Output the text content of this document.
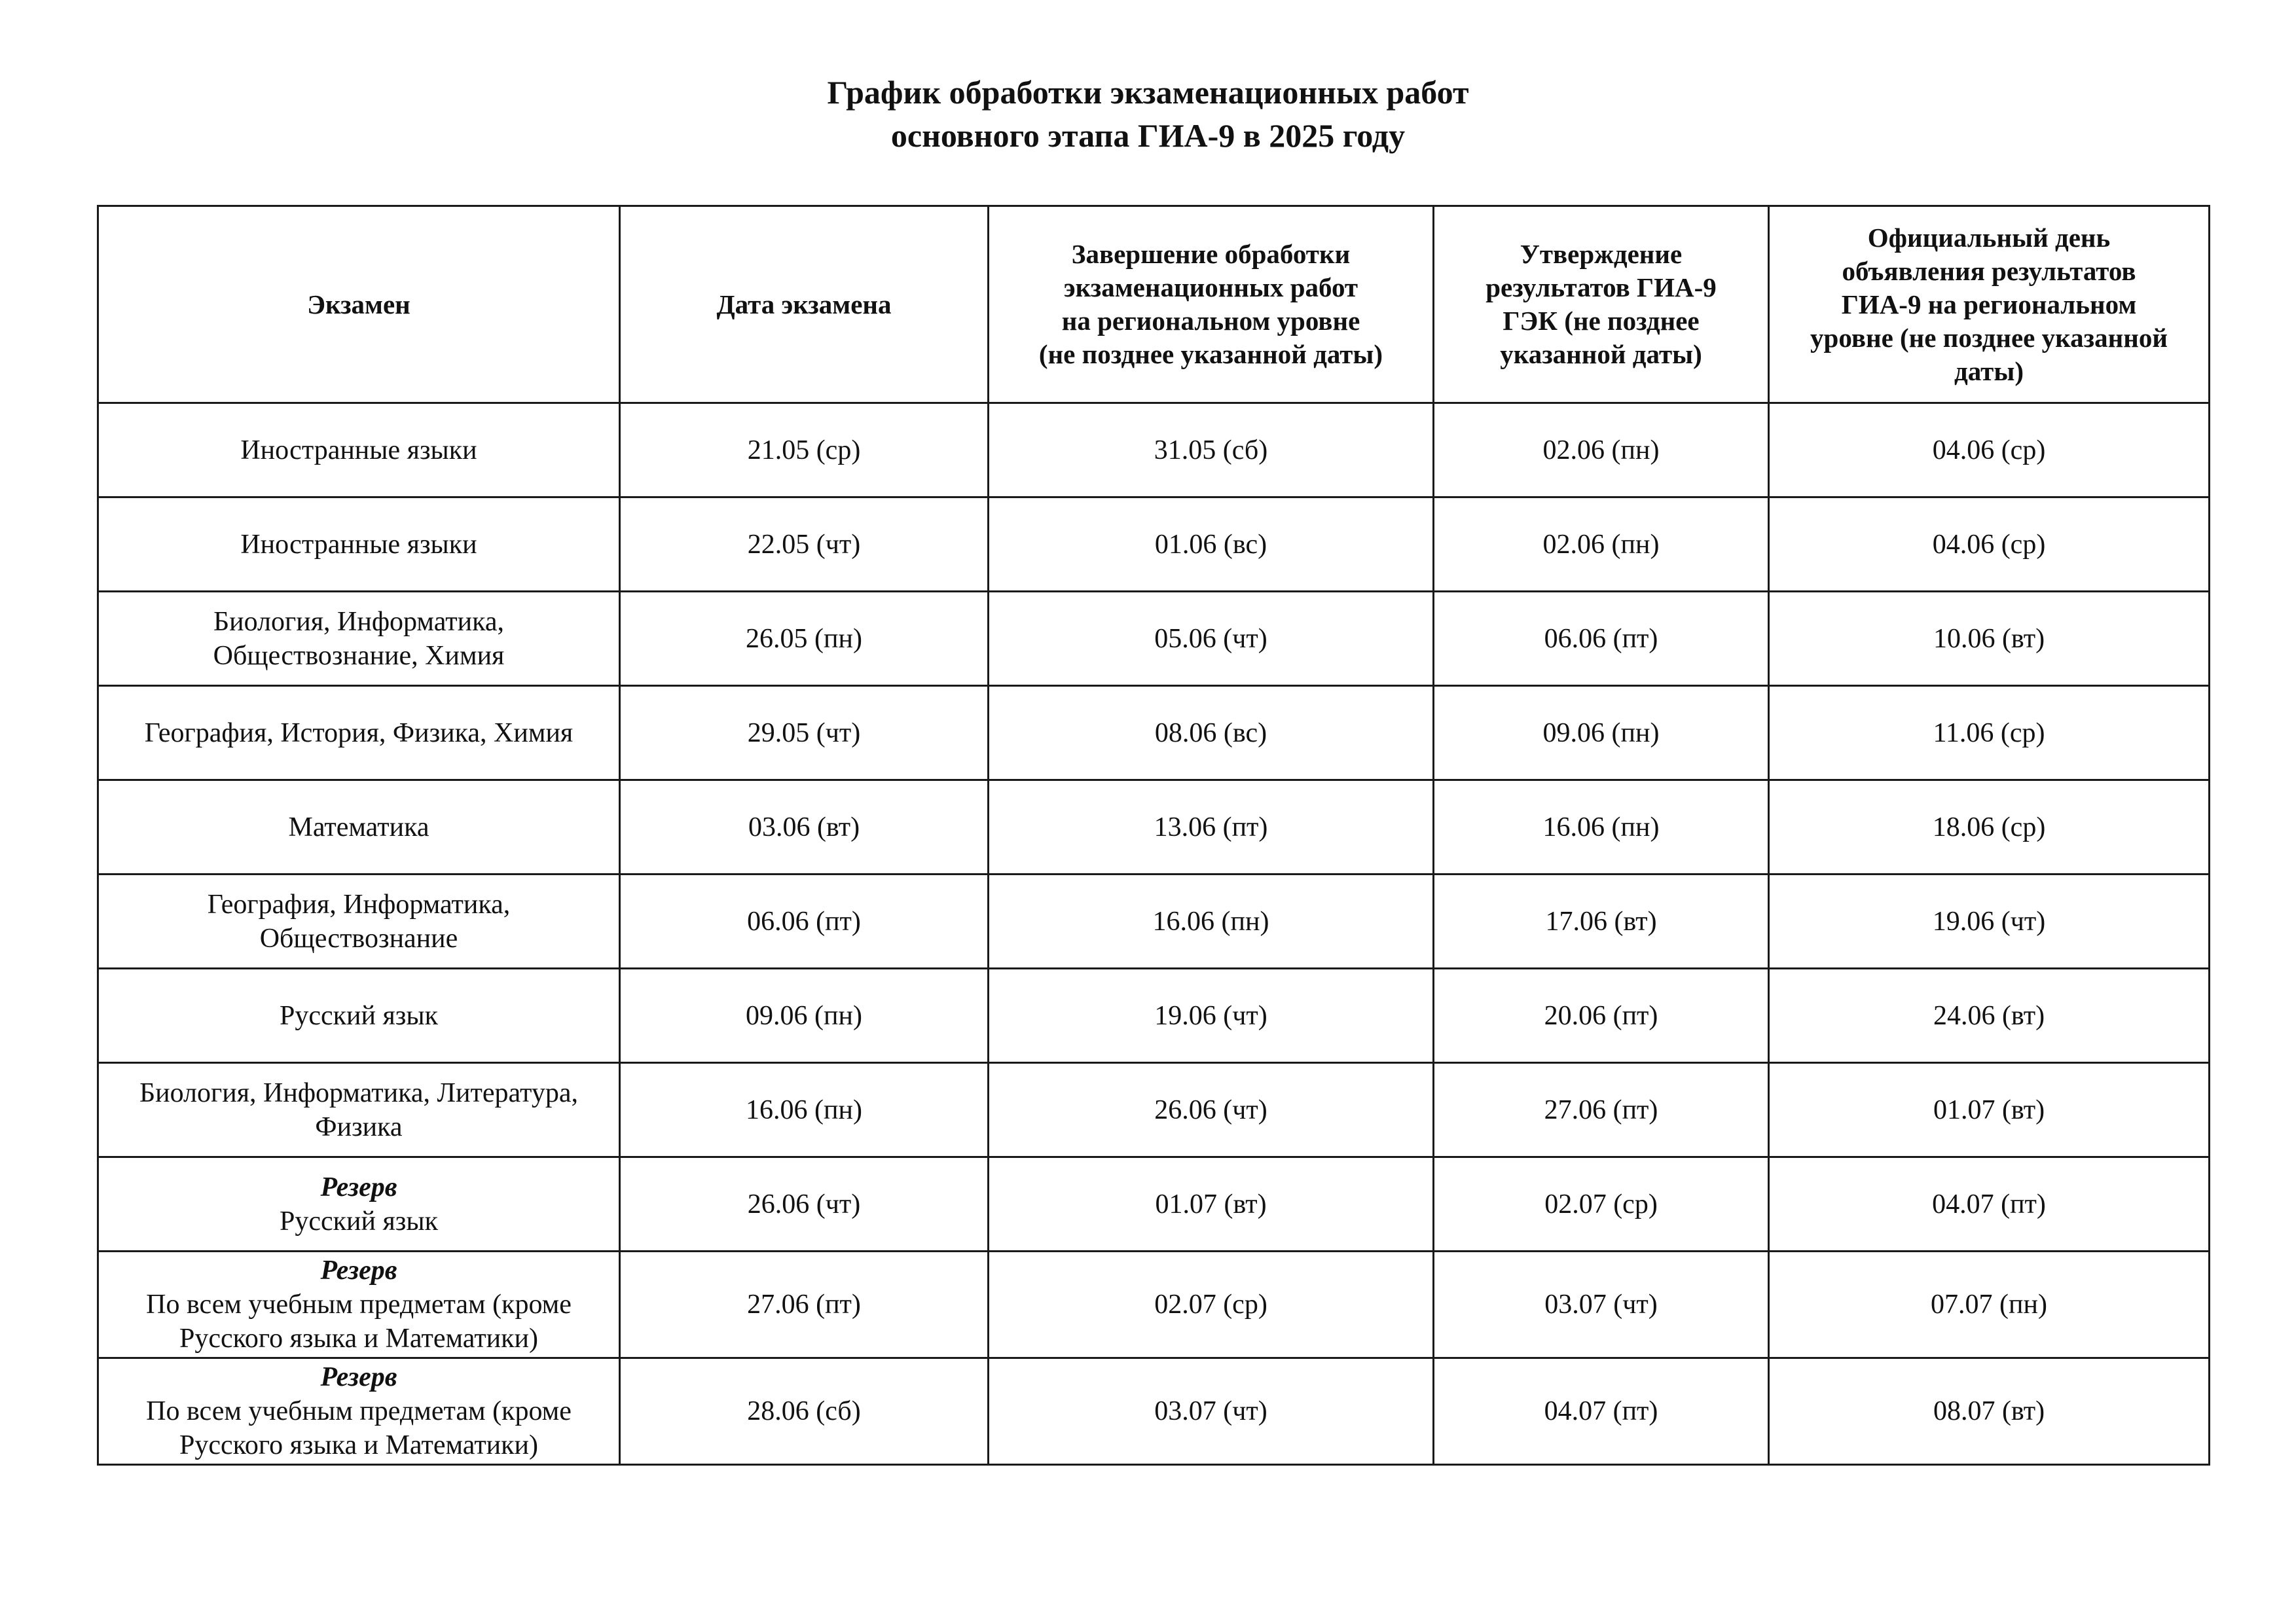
График обработки экзаменационных работ
основного этапа ГИА-9 в 2025 году
Экзамен	Дата экзамена	Завершение обработки
экзаменационных работ
на региональном уровне
(не позднее указанной даты)	Утверждение
результатов ГИА-9
ГЭК (не позднее
указанной даты)	Официальный день
объявления результатов
ГИА-9 на региональном
уровне (не позднее указанной
даты)

Иностранные языки	21.05 (ср)	31.05 (сб)	02.06 (пн)	04.06 (ср)

Иностранные языки	22.05 (чт)	01.06 (вс)	02.06 (пн)	04.06 (ср)

Биология, Информатика,
Обществознание, Химия	26.05 (пн)	05.06 (чт)	06.06 (пт)	10.06 (вт)

География, История, Физика, Химия	29.05 (чт)	08.06 (вс)	09.06 (пн)	11.06 (ср)

Математика	03.06 (вт)	13.06 (пт)	16.06 (пн)	18.06 (ср)

География, Информатика,
Обществознание	06.06 (пт)	16.06 (пн)	17.06 (вт)	19.06 (чт)

Русский язык	09.06 (пн)	19.06 (чт)	20.06 (пт)	24.06 (вт)

Биология, Информатика, Литература,
Физика	16.06 (пн)	26.06 (чт)	27.06 (пт)	01.07 (вт)

Резерв
Русский язык	26.06 (чт)	01.07 (вт)	02.07 (ср)	04.07 (пт)

Резерв
По всем учебным предметам (кроме
Русского языка и Математики)	27.06 (пт)	02.07 (ср)	03.07 (чт)	07.07 (пн)

Резерв
По всем учебным предметам (кроме
Русского языка и Математики)	28.06 (сб)	03.07 (чт)	04.07 (пт)	08.07 (вт)
